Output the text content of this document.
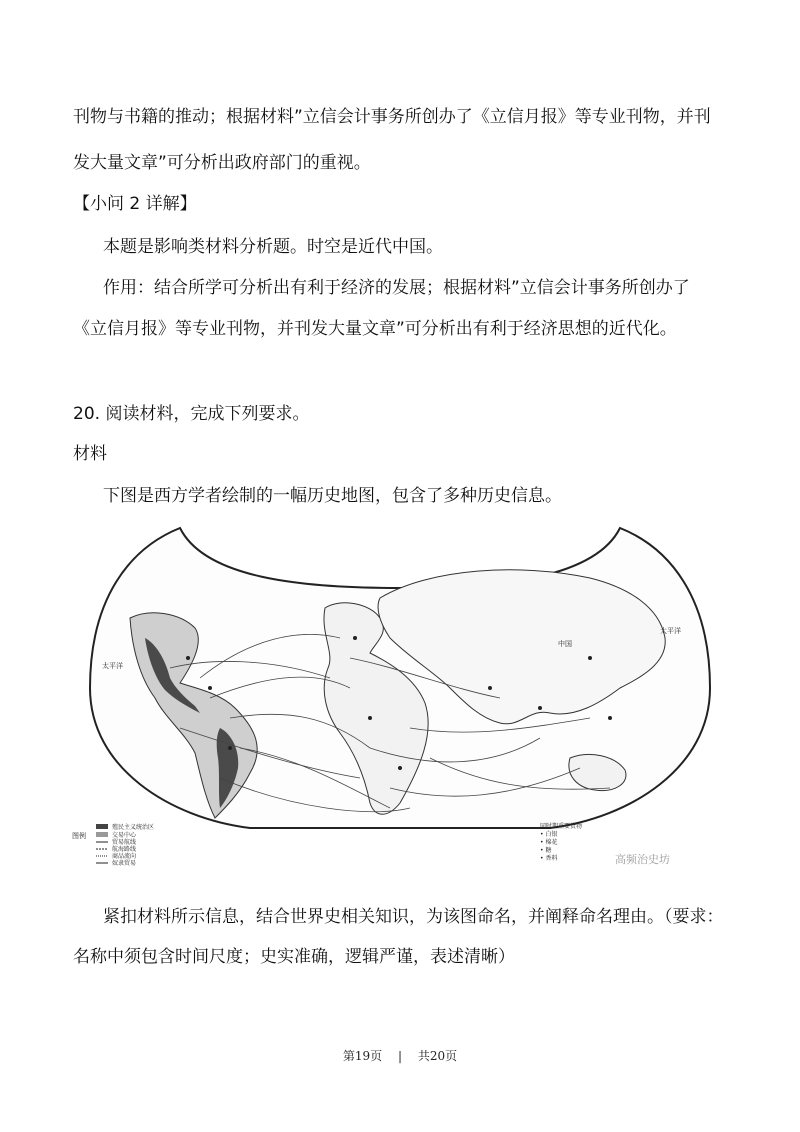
刊物与书籍的推动；根据材料”立信会计事务所创办了《立信月报》等专业刊物，并刊
发大量文章”可分析出政府部门的重视。
【小问 2 详解】
本题是影响类材料分析题。时空是近代中国。
作用：结合所学可分析出有利于经济的发展；根据材料”立信会计事务所创办了
《立信月报》等专业刊物，并刊发大量文章”可分析出有利于经济思想的近代化。
20. 阅读材料，完成下列要求。
材料
下图是西方学者绘制的一幅历史地图，包含了多种历史信息。
太平洋
太平洋
中国
图例
殖民主义统治区
交易中心
贸易航线
航海路线
商品流向
奴隶贸易
同时期重要货物
• 白银
• 棉花
• 糖
• 香料	高频治史坊
紧扣材料所示信息，结合世界史相关知识，为该图命名，并阐释命名理由。（要求：
名称中须包含时间尺度；史实准确，逻辑严谨，表述清晰）
第19页 | 共20页
